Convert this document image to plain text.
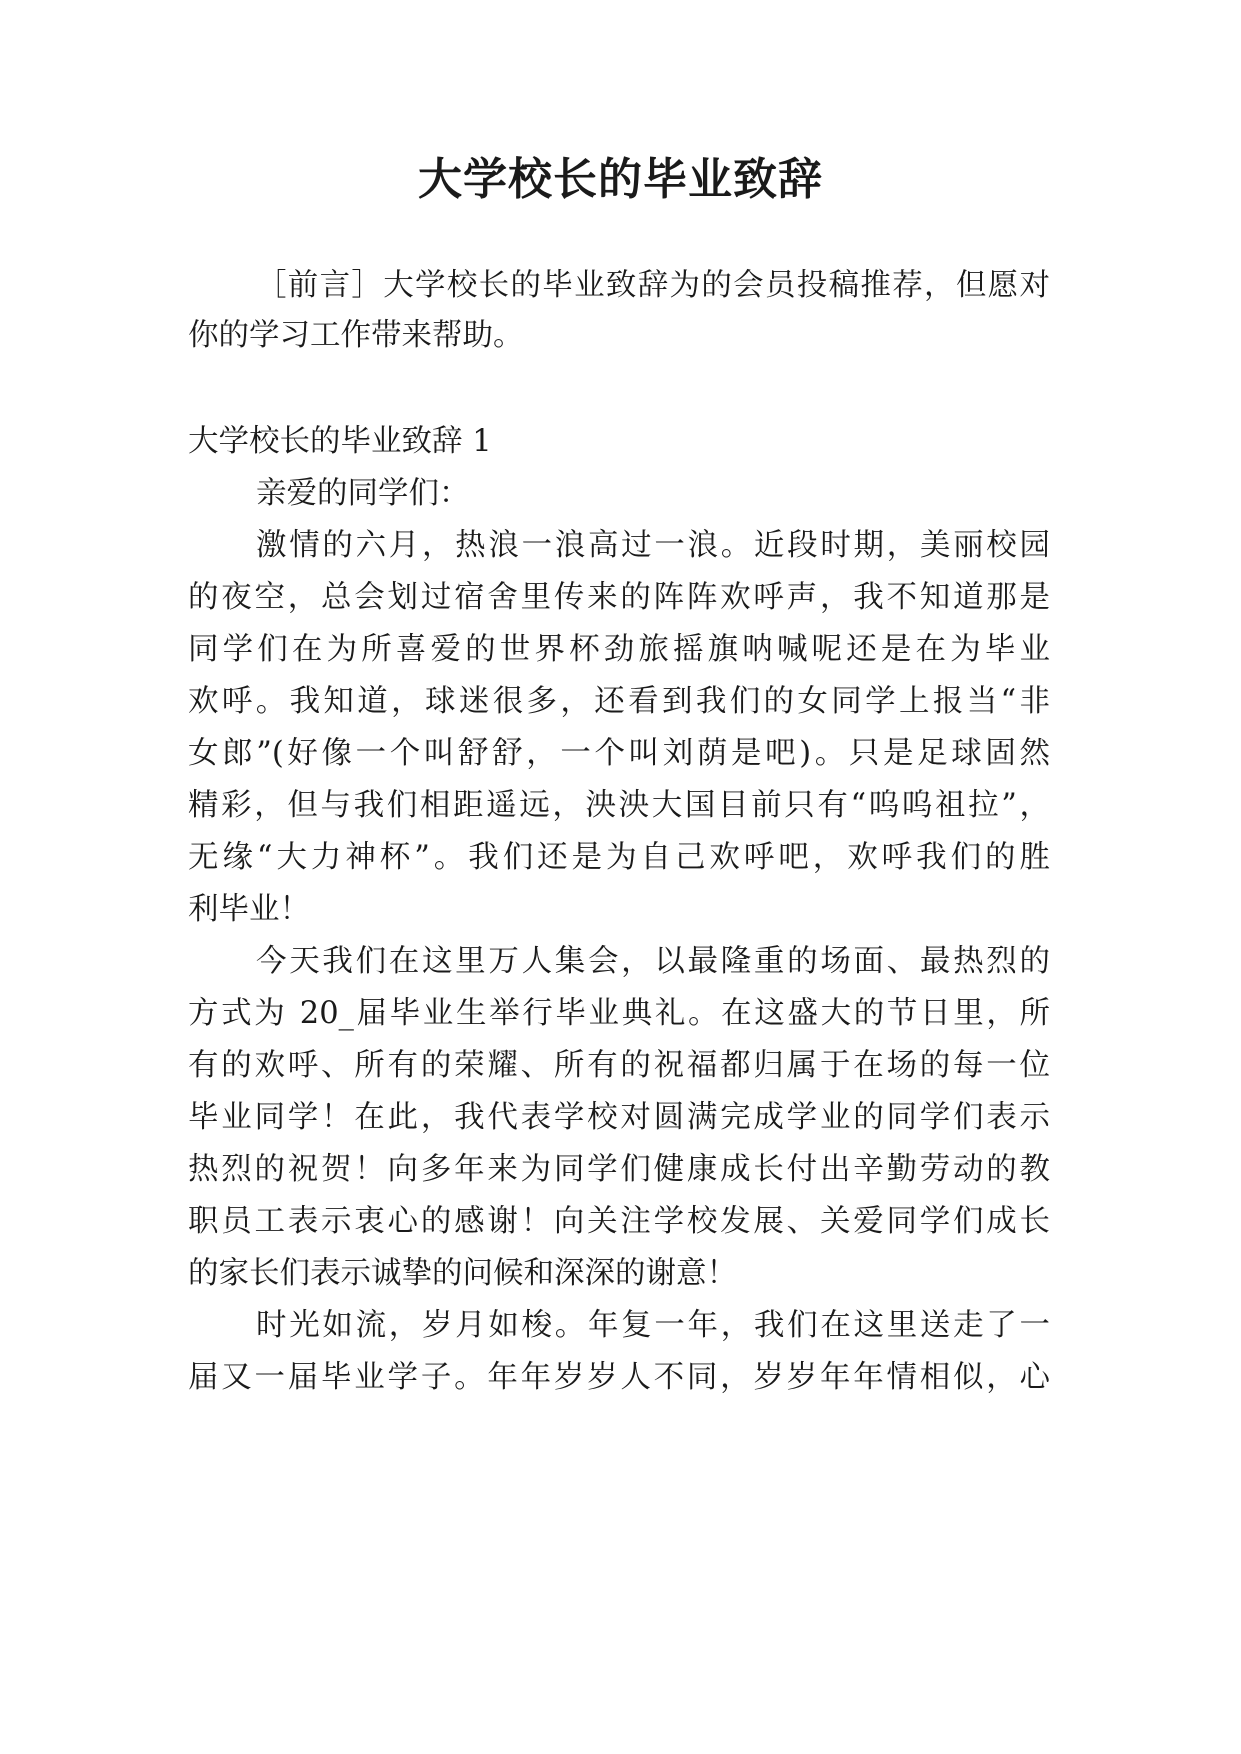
大学校长的毕业致辞
［前言］大学校长的毕业致辞为的会员投稿推荐，但愿对
你的学习工作带来帮助。
大学校长的毕业致辞 1
亲爱的同学们：
激情的六月，热浪一浪高过一浪。近段时期，美丽校园
的夜空，总会划过宿舍里传来的阵阵欢呼声，我不知道那是
同学们在为所喜爱的世界杯劲旅摇旗呐喊呢还是在为毕业
欢呼。我知道，球迷很多，还看到我们的女同学上报当“非
女郎”(好像一个叫舒舒，一个叫刘荫是吧)。只是足球固然
精彩，但与我们相距遥远，泱泱大国目前只有“呜呜祖拉”，
无缘“大力神杯”。我们还是为自己欢呼吧，欢呼我们的胜
利毕业！
今天我们在这里万人集会，以最隆重的场面、最热烈的
方式为 20_届毕业生举行毕业典礼。在这盛大的节日里，所
有的欢呼、所有的荣耀、所有的祝福都归属于在场的每一位
毕业同学！在此，我代表学校对圆满完成学业的同学们表示
热烈的祝贺！向多年来为同学们健康成长付出辛勤劳动的教
职员工表示衷心的感谢！向关注学校发展、关爱同学们成长
的家长们表示诚挚的问候和深深的谢意！
时光如流，岁月如梭。年复一年，我们在这里送走了一
届又一届毕业学子。年年岁岁人不同，岁岁年年情相似，心
